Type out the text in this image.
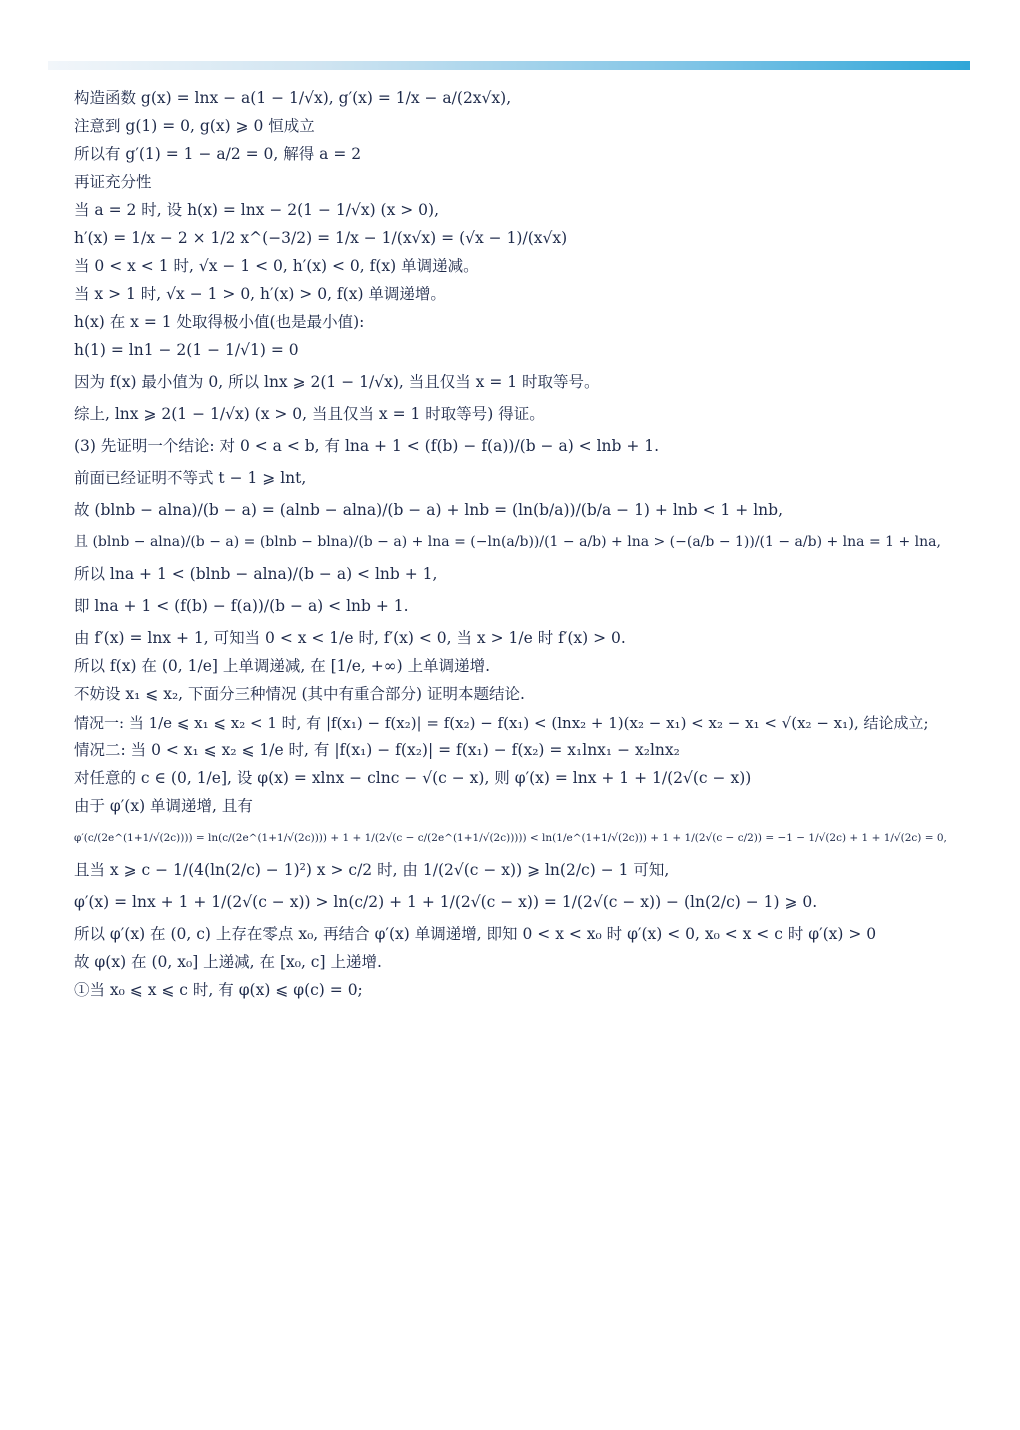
构造函数 g(x) = lnx − a(1 − 1/√x), g′(x) = 1/x − a/(2x√x),
注意到 g(1) = 0, g(x) ⩾ 0 恒成立
所以有 g′(1) = 1 − a/2 = 0, 解得 a = 2
再证充分性
当 a = 2 时, 设 h(x) = lnx − 2(1 − 1/√x) (x > 0),
h′(x) = 1/x − 2 × 1/2 x^(−3/2) = 1/x − 1/(x√x) = (√x − 1)/(x√x)
当 0 < x < 1 时, √x − 1 < 0, h′(x) < 0, f(x) 单调递减。
当 x > 1 时, √x − 1 > 0, h′(x) > 0, f(x) 单调递增。
h(x) 在 x = 1 处取得极小值(也是最小值):
h(1) = ln1 − 2(1 − 1/√1) = 0
因为 f(x) 最小值为 0, 所以 lnx ⩾ 2(1 − 1/√x), 当且仅当 x = 1 时取等号。
综上, lnx ⩾ 2(1 − 1/√x) (x > 0, 当且仅当 x = 1 时取等号) 得证。
(3) 先证明一个结论: 对 0 < a < b, 有 lna + 1 < (f(b) − f(a))/(b − a) < lnb + 1.
前面已经证明不等式 t − 1 ⩾ lnt,
故 (blnb − alna)/(b − a) = (alnb − alna)/(b − a) + lnb = (ln(b/a))/(b/a − 1) + lnb < 1 + lnb,
且 (blnb − alna)/(b − a) = (blnb − blna)/(b − a) + lna = (−ln(a/b))/(1 − a/b) + lna > (−(a/b − 1))/(1 − a/b) + lna = 1 + lna,
所以 lna + 1 < (blnb − alna)/(b − a) < lnb + 1,
即 lna + 1 < (f(b) − f(a))/(b − a) < lnb + 1.
由 f′(x) = lnx + 1, 可知当 0 < x < 1/e 时, f′(x) < 0, 当 x > 1/e 时 f′(x) > 0.
所以 f(x) 在 (0, 1/e] 上单调递减, 在 [1/e, +∞) 上单调递增.
不妨设 x₁ ⩽ x₂, 下面分三种情况 (其中有重合部分) 证明本题结论.
情况一: 当 1/e ⩽ x₁ ⩽ x₂ < 1 时, 有 |f(x₁) − f(x₂)| = f(x₂) − f(x₁) < (lnx₂ + 1)(x₂ − x₁) < x₂ − x₁ < √(x₂ − x₁), 结论成立;
情况二: 当 0 < x₁ ⩽ x₂ ⩽ 1/e 时, 有 |f(x₁) − f(x₂)| = f(x₁) − f(x₂) = x₁lnx₁ − x₂lnx₂
对任意的 c ∈ (0, 1/e], 设 φ(x) = xlnx − clnc − √(c − x), 则 φ′(x) = lnx + 1 + 1/(2√(c − x))
由于 φ′(x) 单调递增, 且有
φ′(c/(2e^(1+1/√(2c)))) = ln(c/(2e^(1+1/√(2c)))) + 1 + 1/(2√(c − c/(2e^(1+1/√(2c))))) < ln(1/e^(1+1/√(2c))) + 1 + 1/(2√(c − c/2)) = −1 − 1/√(2c) + 1 + 1/√(2c) = 0,
且当 x ⩾ c − 1/(4(ln(2/c) − 1)²) x > c/2 时, 由 1/(2√(c − x)) ⩾ ln(2/c) − 1 可知,
φ′(x) = lnx + 1 + 1/(2√(c − x)) > ln(c/2) + 1 + 1/(2√(c − x)) = 1/(2√(c − x)) − (ln(2/c) − 1) ⩾ 0.
所以 φ′(x) 在 (0, c) 上存在零点 x₀, 再结合 φ′(x) 单调递增, 即知 0 < x < x₀ 时 φ′(x) < 0, x₀ < x < c 时 φ′(x) > 0
故 φ(x) 在 (0, x₀] 上递减, 在 [x₀, c] 上递增.
①当 x₀ ⩽ x ⩽ c 时, 有 φ(x) ⩽ φ(c) = 0;
